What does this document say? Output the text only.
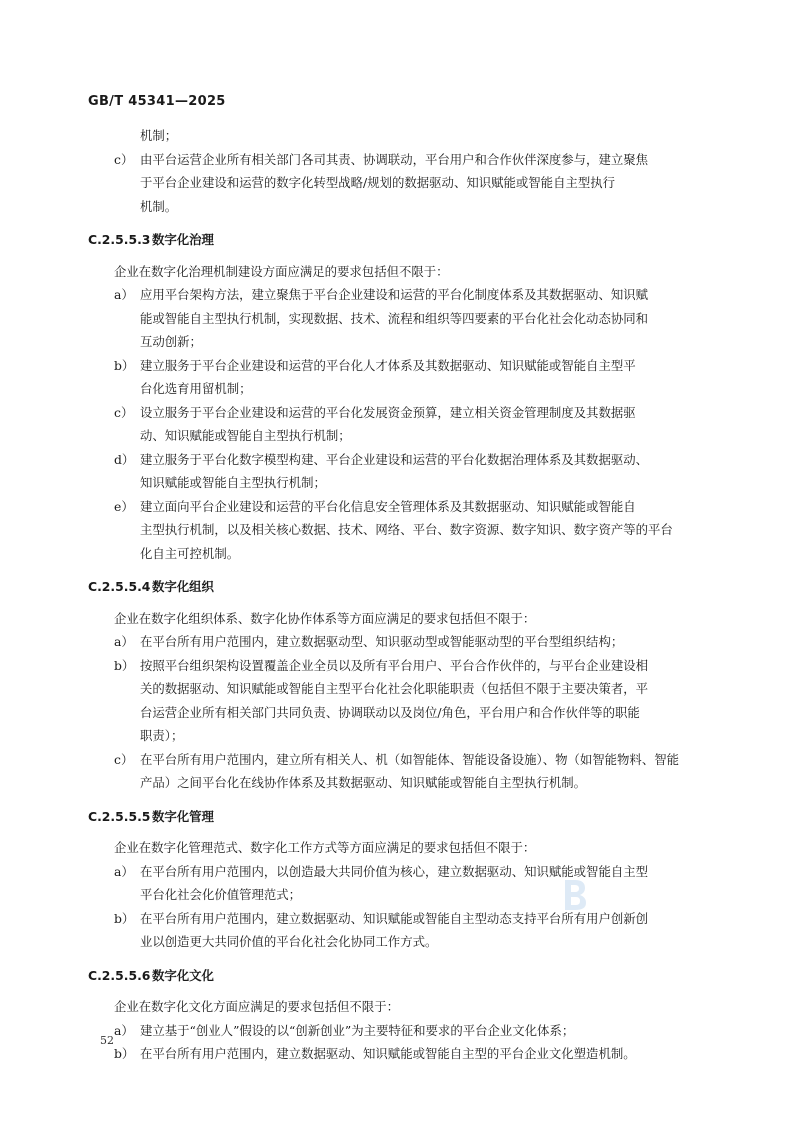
GB/T 45341—2025
机制；
c） 由平台运营企业所有相关部门各司其责、协调联动，平台用户和合作伙伴深度参与，建立聚焦
于平台企业建设和运营的数字化转型战略/规划的数据驱动、知识赋能或智能自主型执行
机制。
C.2.5.5.3 数字化治理
企业在数字化治理机制建设方面应满足的要求包括但不限于：
a） 应用平台架构方法，建立聚焦于平台企业建设和运营的平台化制度体系及其数据驱动、知识赋
能或智能自主型执行机制，实现数据、技术、流程和组织等四要素的平台化社会化动态协同和
互动创新；
b） 建立服务于平台企业建设和运营的平台化人才体系及其数据驱动、知识赋能或智能自主型平
台化选育用留机制；
c） 设立服务于平台企业建设和运营的平台化发展资金预算，建立相关资金管理制度及其数据驱
动、知识赋能或智能自主型执行机制；
d） 建立服务于平台化数字模型构建、平台企业建设和运营的平台化数据治理体系及其数据驱动、
知识赋能或智能自主型执行机制；
e） 建立面向平台企业建设和运营的平台化信息安全管理体系及其数据驱动、知识赋能或智能自
主型执行机制，以及相关核心数据、技术、网络、平台、数字资源、数字知识、数字资产等的平台
化自主可控机制。
C.2.5.5.4 数字化组织
企业在数字化组织体系、数字化协作体系等方面应满足的要求包括但不限于：
a） 在平台所有用户范围内，建立数据驱动型、知识驱动型或智能驱动型的平台型组织结构；
b） 按照平台组织架构设置覆盖企业全员以及所有平台用户、平台合作伙伴的，与平台企业建设相
关的数据驱动、知识赋能或智能自主型平台化社会化职能职责（包括但不限于主要决策者，平
台运营企业所有相关部门共同负责、协调联动以及岗位/角色，平台用户和合作伙伴等的职能
职责）；
c） 在平台所有用户范围内，建立所有相关人、机（如智能体、智能设备设施）、物（如智能物料、智能
产品）之间平台化在线协作体系及其数据驱动、知识赋能或智能自主型执行机制。
C.2.5.5.5 数字化管理
企业在数字化管理范式、数字化工作方式等方面应满足的要求包括但不限于：
a） 在平台所有用户范围内，以创造最大共同价值为核心，建立数据驱动、知识赋能或智能自主型
平台化社会化价值管理范式；
b） 在平台所有用户范围内，建立数据驱动、知识赋能或智能自主型动态支持平台所有用户创新创
业以创造更大共同价值的平台化社会化协同工作方式。
C.2.5.5.6 数字化文化
企业在数字化文化方面应满足的要求包括但不限于：
a） 建立基于“创业人”假设的以“创新创业”为主要特征和要求的平台企业文化体系；
b） 在平台所有用户范围内，建立数据驱动、知识赋能或智能自主型的平台企业文化塑造机制。
52
